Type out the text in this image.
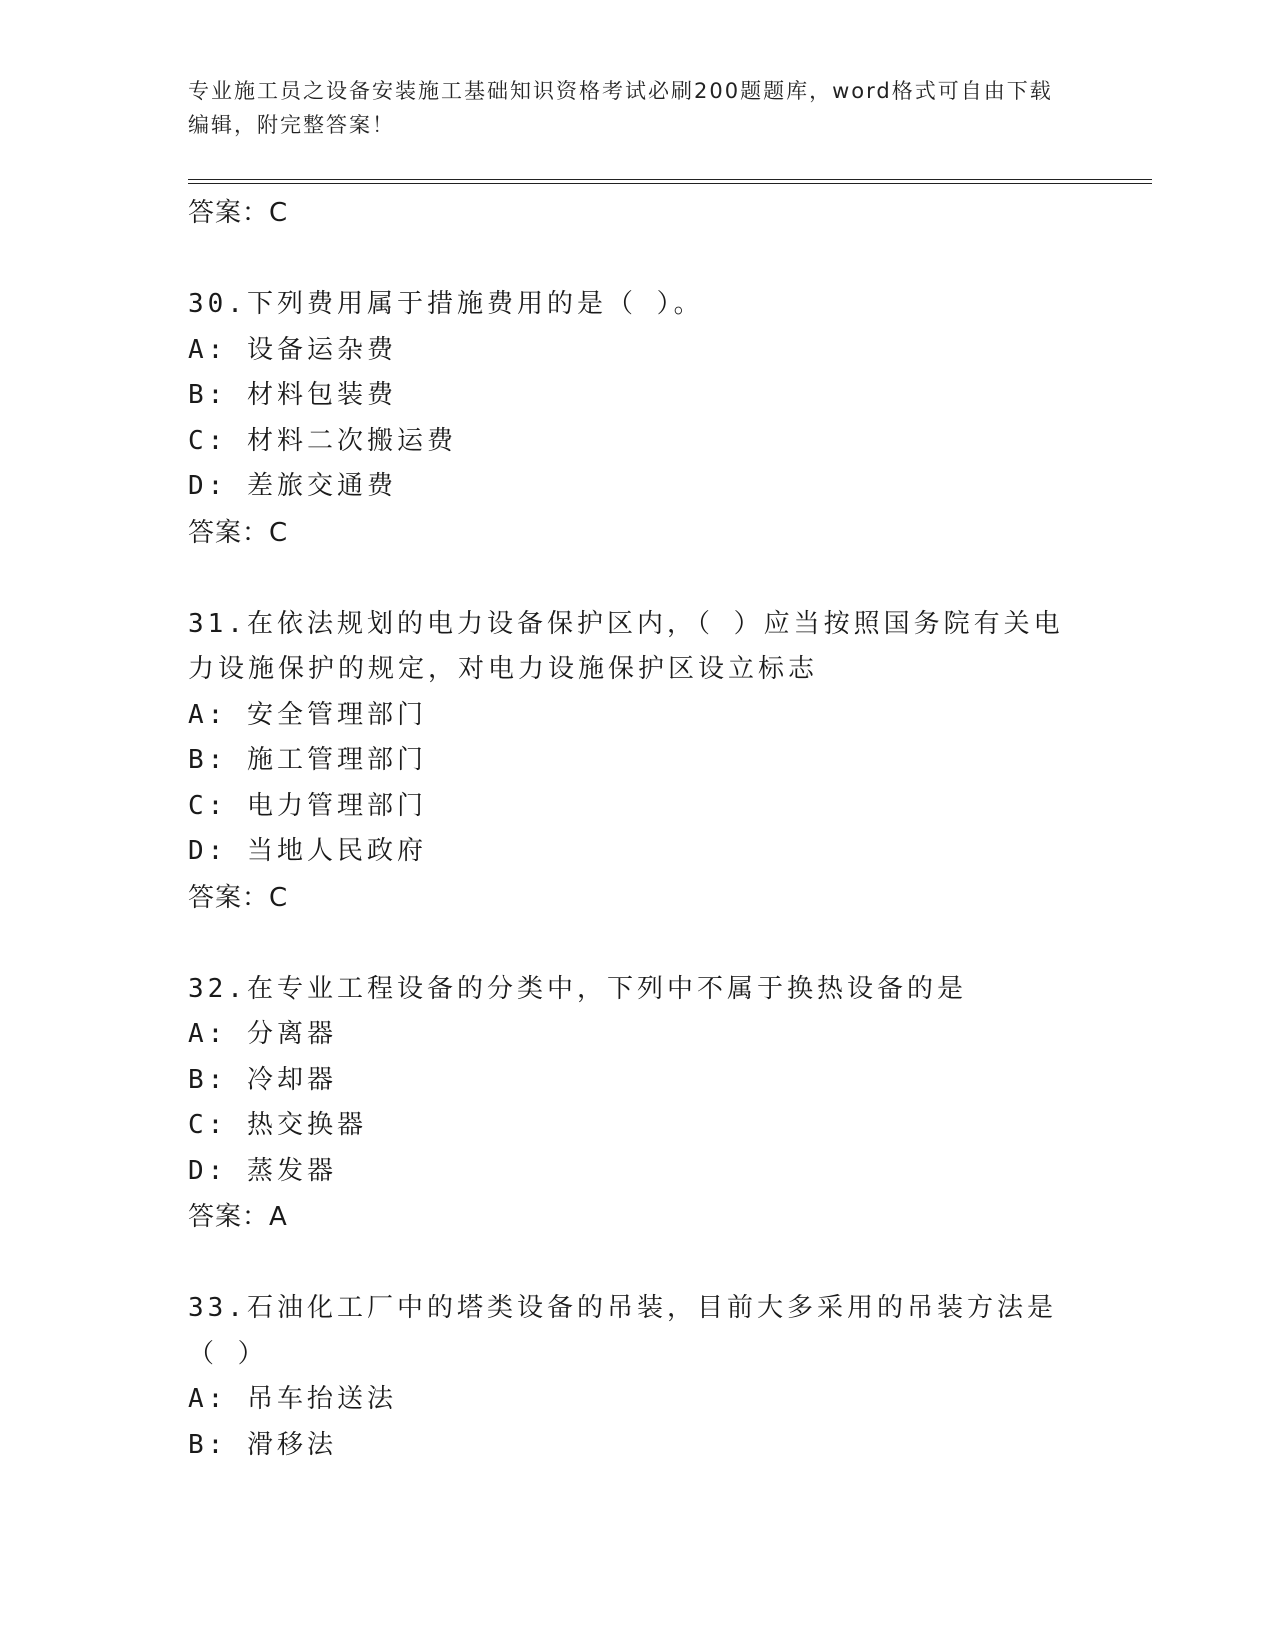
专业施工员之设备安装施工基础知识资格考试必刷200题题库，word格式可自由下载编辑，附完整答案！
答案：C
30.下列费用属于措施费用的是（ ）。
A: 设备运杂费
B: 材料包装费
C: 材料二次搬运费
D: 差旅交通费
答案：C
31.在依法规划的电力设备保护区内，（ ）应当按照国务院有关电力设施保护的规定，对电力设施保护区设立标志
A: 安全管理部门
B: 施工管理部门
C: 电力管理部门
D: 当地人民政府
答案：C
32.在专业工程设备的分类中，下列中不属于换热设备的是
A: 分离器
B: 冷却器
C: 热交换器
D: 蒸发器
答案：A
33.石油化工厂中的塔类设备的吊装，目前大多采用的吊装方法是（ ）
A: 吊车抬送法
B: 滑移法
